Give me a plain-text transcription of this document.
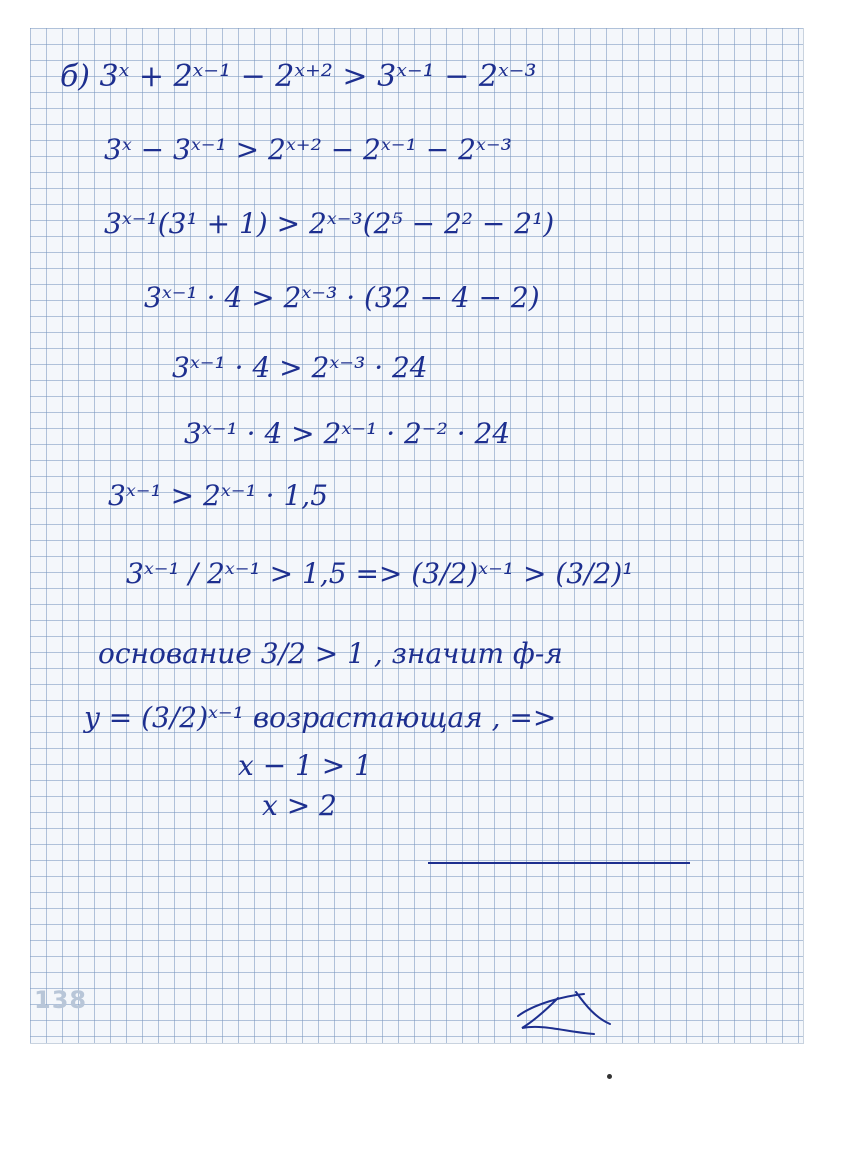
б) 3ˣ + 2ˣ⁻¹ − 2ˣ⁺² > 3ˣ⁻¹ − 2ˣ⁻³
3ˣ − 3ˣ⁻¹ > 2ˣ⁺² − 2ˣ⁻¹ − 2ˣ⁻³
3ˣ⁻¹(3¹ + 1) > 2ˣ⁻³(2⁵ − 2² − 2¹)
3ˣ⁻¹ · 4 > 2ˣ⁻³ · (32 − 4 − 2)
3ˣ⁻¹ · 4 > 2ˣ⁻³ · 24
3ˣ⁻¹ · 4 > 2ˣ⁻¹ · 2⁻² · 24
3ˣ⁻¹ > 2ˣ⁻¹ · 1,5
3ˣ⁻¹ / 2ˣ⁻¹ > 1,5 => (3/2)ˣ⁻¹ > (3/2)¹
основание 3/2 > 1 , значит ф-я
y = (3/2)ˣ⁻¹ возрастающая , =>
x − 1 > 1
x > 2
138
